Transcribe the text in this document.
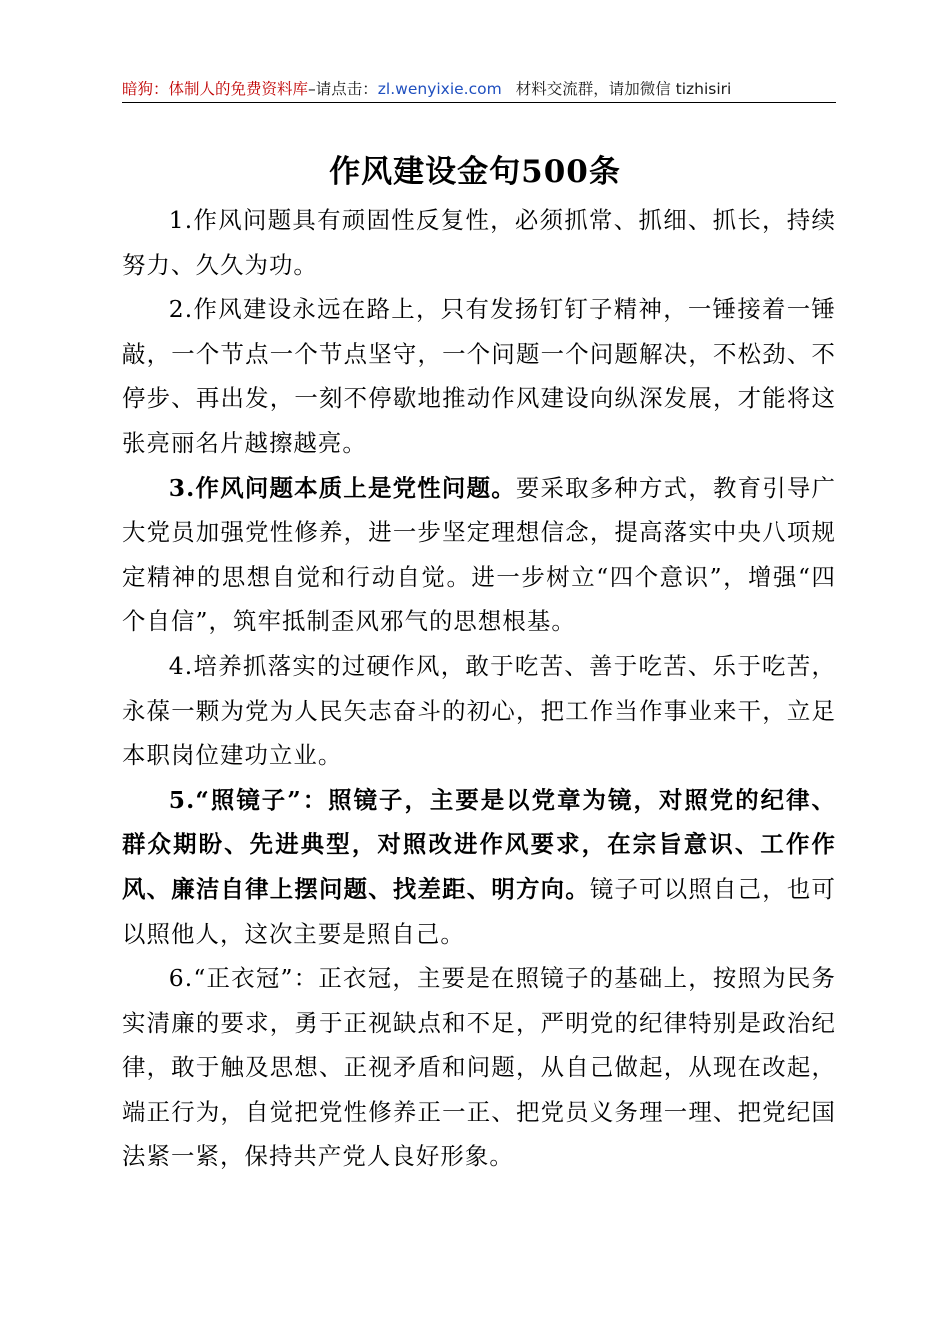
暗狗：体制人的免费资料库–请点击：zl.wenyixie.com 材料交流群，请加微信 tizhisiri
作风建设金句500条

1.作风问题具有顽固性反复性，必须抓常、抓细、抓长，持续努力、久久为功。

2.作风建设永远在路上，只有发扬钉钉子精神，一锤接着一锤敲，一个节点一个节点坚守，一个问题一个问题解决，不松劲、不停步、再出发，一刻不停歇地推动作风建设向纵深发展，才能将这张亮丽名片越擦越亮。

3.作风问题本质上是党性问题。要采取多种方式，教育引导广大党员加强党性修养，进一步坚定理想信念，提高落实中央八项规定精神的思想自觉和行动自觉。进一步树立“四个意识”，增强“四个自信”，筑牢抵制歪风邪气的思想根基。

4.培养抓落实的过硬作风，敢于吃苦、善于吃苦、乐于吃苦，永葆一颗为党为人民矢志奋斗的初心，把工作当作事业来干，立足本职岗位建功立业。

5.“照镜子”：照镜子，主要是以党章为镜，对照党的纪律、群众期盼、先进典型，对照改进作风要求，在宗旨意识、工作作风、廉洁自律上摆问题、找差距、明方向。镜子可以照自己，也可以照他人，这次主要是照自己。

6.“正衣冠”：正衣冠，主要是在照镜子的基础上，按照为民务实清廉的要求，勇于正视缺点和不足，严明党的纪律特别是政治纪律，敢于触及思想、正视矛盾和问题，从自己做起，从现在改起，端正行为，自觉把党性修养正一正、把党员义务理一理、把党纪国法紧一紧，保持共产党人良好形象。
